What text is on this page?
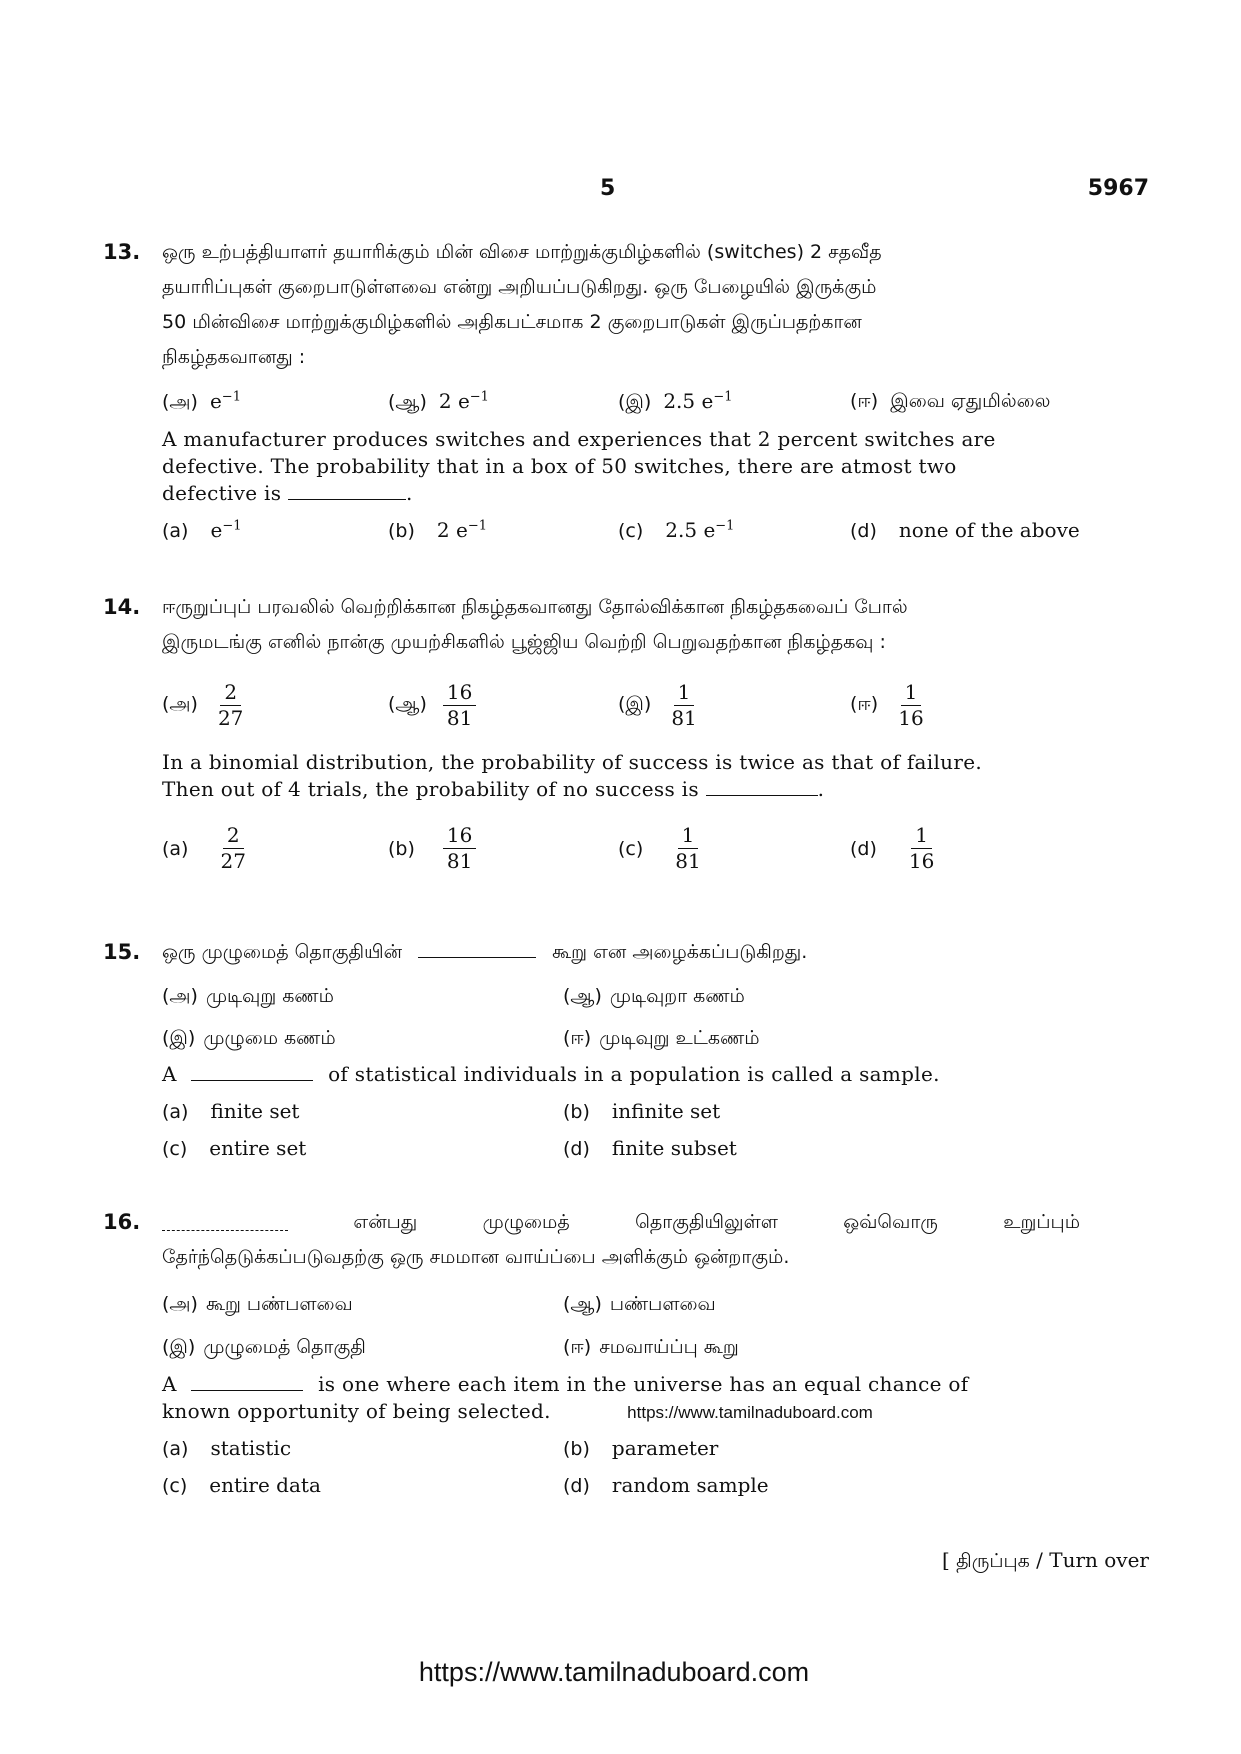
5	5967
13. ஒரு உற்பத்தியாளர் தயாரிக்கும் மின் விசை மாற்றுக்குமிழ்களில் (switches) 2 சதவீத
தயாரிப்புகள் குறைபாடுள்ளவை என்று அறியப்படுகிறது. ஒரு பேழையில் இருக்கும்
50 மின்விசை மாற்றுக்குமிழ்களில் அதிகபட்சமாக 2 குறைபாடுகள் இருப்பதற்கான
நிகழ்தகவானது :
(அ) $e^{-1}$	(ஆ) 2 $e^{-1}$	(இ) 2.5 $e^{-1}$	(ஈ) இவை ஏதுமில்லை
A manufacturer produces switches and experiences that 2 percent switches are
defective. The probability that in a box of 50 switches, there are atmost two
defective is	.
(a) $e^{-1}$	(b) 2 $e^{-1}$	(c) 2.5 $e^{-1}$	(d) none of the above
14. ஈருறுப்புப் பரவலில் வெற்றிக்கான நிகழ்தகவானது தோல்விக்கான நிகழ்தகவைப் போல்
இருமடங்கு எனில் நான்கு முயற்சிகளில் பூஜ்ஜிய வெற்றி பெறுவதற்கான நிகழ்தகவு :
(அ) $\frac{2}{27}$	(ஆ) $\frac{16}{81}$	(இ) $\frac{1}{81}$	(ஈ) $\frac{1}{16}$
In a binomial distribution, the probability of success is twice as that of failure.
Then out of 4 trials, the probability of no success is	.
$(a) \frac{2}{27}$	$(b) \frac{16}{81}$	$(c) \frac{1}{81}$	$(d) \frac{1}{16}$
15. ஒரு முழுமைத் தொகுதியின்	கூறு என அழைக்கப்படுகிறது.
(அ) முடிவுறு கணம்	(ஆ) முடிவுறா கணம்
(இ) முழுமை கணம்	(ஈ) முடிவுறு உட்கணம்
A	of statistical individuals in a population is called a sample.
(a) finite set	(b) infinite set
(c) entire set	(d) finite subset
16.	என்பது	முழுமைத்	தொகுதியிலுள்ள	ஒவ்வொரு	உறுப்பும்
தேர்ந்தெடுக்கப்படுவதற்கு ஒரு சமமான வாய்ப்பை அளிக்கும் ஒன்றாகும்.
(அ) கூறு பண்பளவை	(ஆ) பண்பளவை
(இ) முழுமைத் தொகுதி	(ஈ) சமவாய்ப்பு கூறு
A	is one where each item in the universe has an equal chance of
known opportunity of being selected.
(a) statistic	(b) parameter
(c) entire data	(d) random sample
https://www.tamilnaduboard.com
[ திருப்புக / Turn over
https://www.tamilnaduboard.com
